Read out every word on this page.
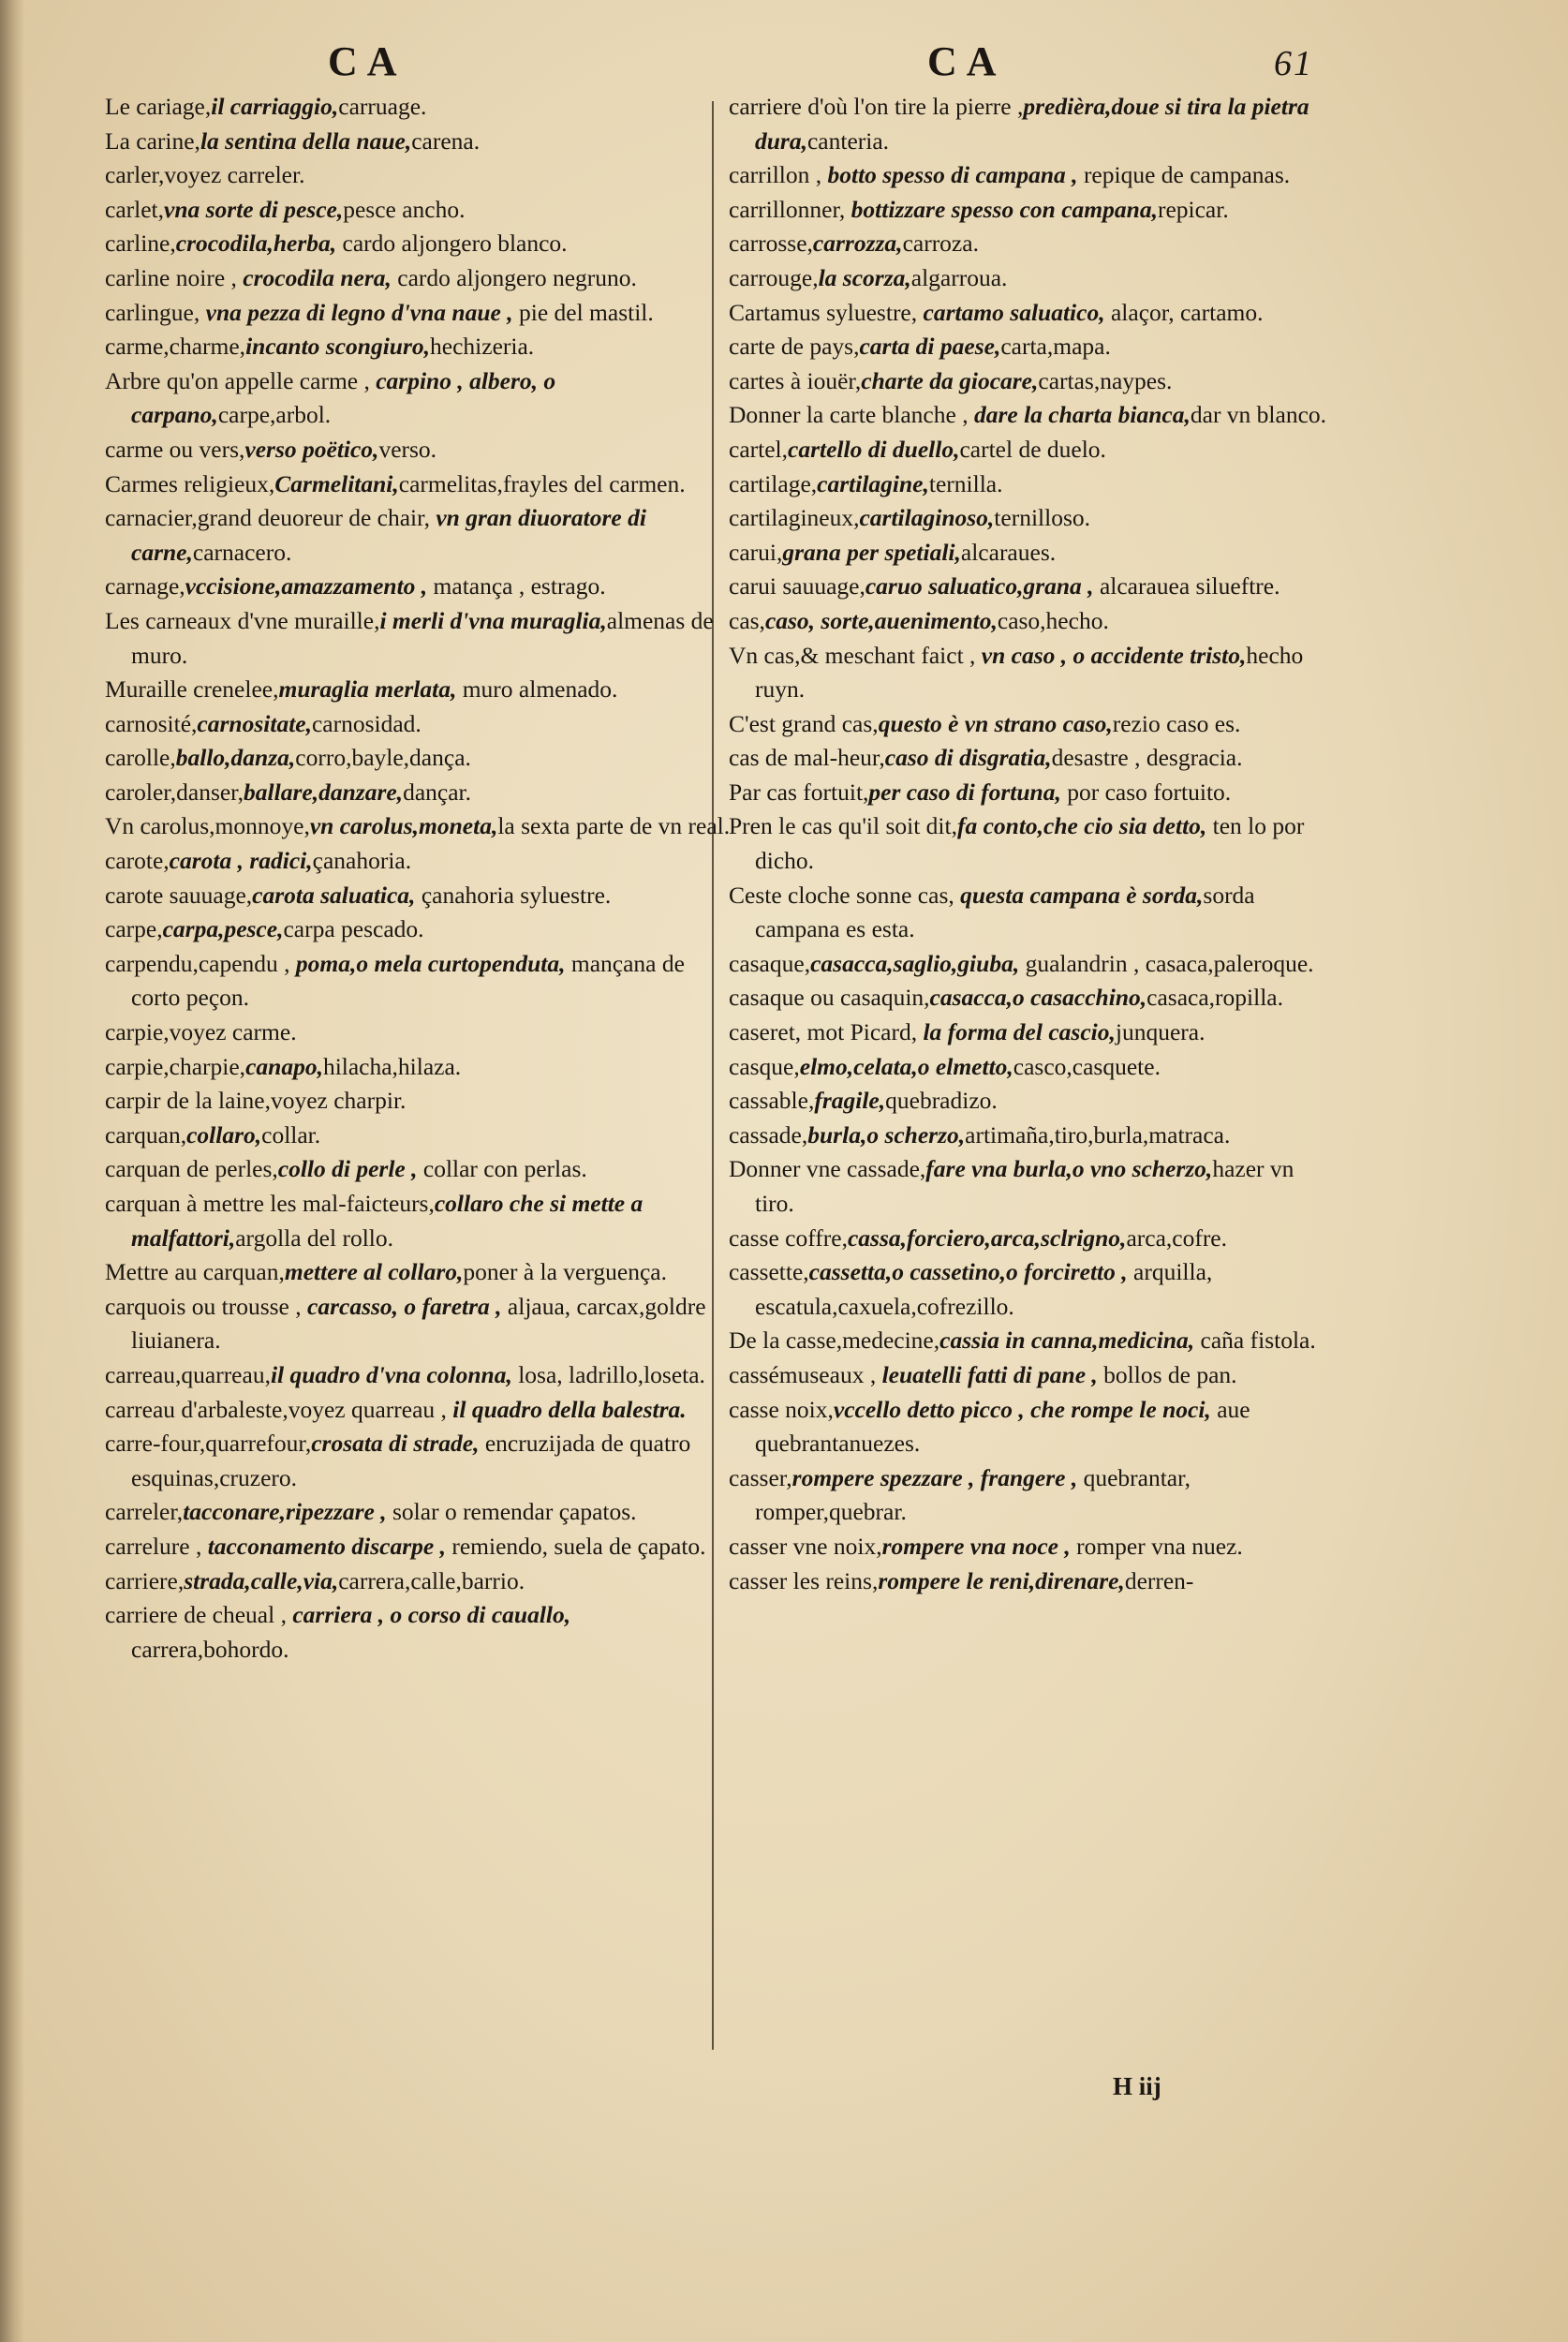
CA	CA	61

Le cariage,il carriaggio,carruage.

La carine,la sentina della naue,carena.

carler,voyez carreler.

carlet,vna sorte di pesce,pesce ancho.

carline,crocodila,herba, cardo aljongero blanco.

carline noire , crocodila nera, cardo aljongero negruno.

carlingue, vna pezza di legno d'vna naue , pie del mastil.

carme,charme,incanto scongiuro,hechizeria.

Arbre qu'on appelle carme , carpino , albero, o carpano,carpe,arbol.

carme ou vers,verso poëtico,verso.

Carmes religieux,Carmelitani,carmelitas,frayles del carmen.

carnacier,grand deuoreur de chair, vn gran diuoratore di carne,carnacero.

carnage,vccisione,amazzamento , matança , estrago.

Les carneaux d'vne muraille,i merli d'vna muraglia,almenas de muro.

Muraille crenelee,muraglia merlata, muro almenado.

carnosité,carnositate,carnosidad.

carolle,ballo,danza,corro,bayle,dança.

caroler,danser,ballare,danzare,dançar.

Vn carolus,monnoye,vn carolus,moneta,la sexta parte de vn real.

carote,carota , radici,çanahoria.

carote sauuage,carota saluatica, çanahoria syluestre.

carpe,carpa,pesce,carpa pescado.

carpendu,capendu , poma,o mela curtopenduta, mançana de corto peçon.

carpie,voyez carme.

carpie,charpie,canapo,hilacha,hilaza.

carpir de la laine,voyez charpir.

carquan,collaro,collar.

carquan de perles,collo di perle , collar con perlas.

carquan à mettre les mal-faicteurs,collaro che si mette a malfattori,argolla del rollo.

Mettre au carquan,mettere al collaro,poner à la verguença.

carquois ou trousse , carcasso, o faretra , aljaua, carcax,goldre liuianera.

carreau,quarreau,il quadro d'vna colonna, losa, ladrillo,loseta.

carreau d'arbaleste,voyez quarreau , il quadro della balestra.

carre-four,quarrefour,crosata di strade, encruzijada de quatro esquinas,cruzero.

carreler,tacconare,ripezzare , solar o remendar çapatos.

carrelure , tacconamento discarpe , remiendo, suela de çapato.

carriere,strada,calle,via,carrera,calle,barrio.

carriere de cheual , carriera , o corso di cauallo, carrera,bohordo.

carriere d'où l'on tire la pierre ,predièra,doue si tira la pietra dura,canteria.

carrillon , botto spesso di campana , repique de campanas.

carrillonner, bottizzare spesso con campana,repicar.

carrosse,carrozza,carroza.

carrouge,la scorza,algarroua.

Cartamus syluestre, cartamo saluatico, alaçor, cartamo.

carte de pays,carta di paese,carta,mapa.

cartes à iouër,charte da giocare,cartas,naypes.

Donner la carte blanche , dare la charta bianca,dar vn blanco.

cartel,cartello di duello,cartel de duelo.

cartilage,cartilagine,ternilla.

cartilagineux,cartilaginoso,ternilloso.

carui,grana per spetiali,alcaraues.

carui sauuage,caruo saluatico,grana , alcarauea silueftre.

cas,caso, sorte,auenimento,caso,hecho.

Vn cas,& meschant faict , vn caso , o accidente tristo,hecho ruyn.

C'est grand cas,questo è vn strano caso,rezio caso es.

cas de mal-heur,caso di disgratia,desastre , desgracia.

Par cas fortuit,per caso di fortuna, por caso fortuito.

Pren le cas qu'il soit dit,fa conto,che cio sia detto, ten lo por dicho.

Ceste cloche sonne cas, questa campana è sorda,sorda campana es esta.

casaque,casacca,saglio,giuba, gualandrin , casaca,paleroque.

casaque ou casaquin,casacca,o casacchino,casaca,ropilla.

caseret, mot Picard, la forma del cascio,junquera.

casque,elmo,celata,o elmetto,casco,casquete.

cassable,fragile,quebradizo.

cassade,burla,o scherzo,artimaña,tiro,burla,matraca.

Donner vne cassade,fare vna burla,o vno scherzo,hazer vn tiro.

casse coffre,cassa,forciero,arca,sclrigno,arca,cofre.

cassette,cassetta,o cassetino,o forciretto , arquilla, escatula,caxuela,cofrezillo.

De la casse,medecine,cassia in canna,medicina, caña fistola.

cassémuseaux , leuatelli fatti di pane , bollos de pan.

casse noix,vccello detto picco , che rompe le noci, aue quebrantanuezes.

casser,rompere spezzare , frangere , quebrantar, romper,quebrar.

casser vne noix,rompere vna noce , romper vna nuez.

casser les reins,rompere le reni,direnare,derren-

H iij
